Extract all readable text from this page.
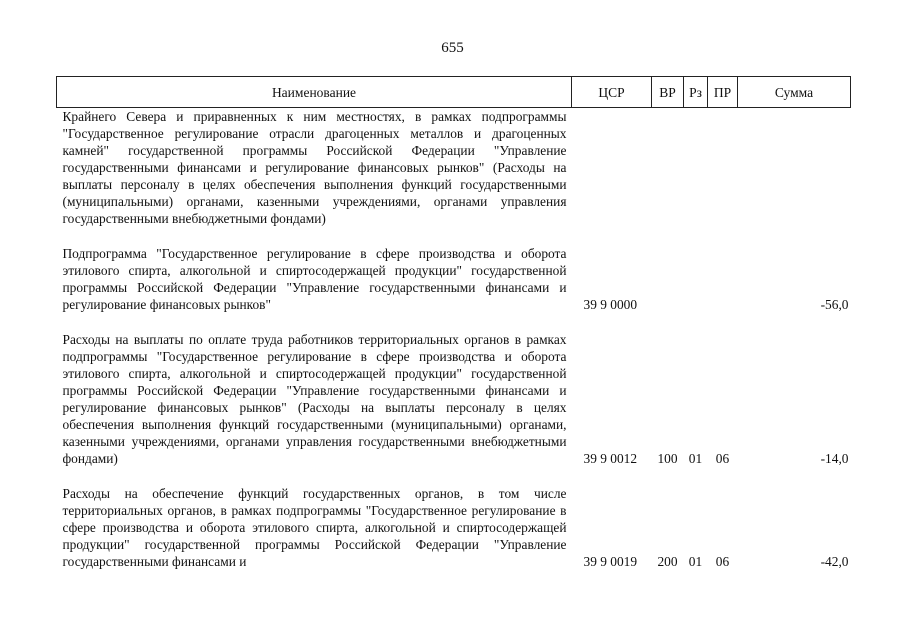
655
Наименование	ЦСР	ВР	Рз	ПР	Сумма
Крайнего Севера и приравненных к ним местностях, в рамках подпрограммы "Государственное регулирование отрасли драгоценных металлов и драгоценных камней" государственной программы Российской Федерации "Управление государственными финансами и регулирование финансовых рынков" (Расходы на выплаты персоналу в целях обеспечения выполнения функций государственными (муниципальными) органами, казенными учреждениями, органами управления государственными внебюджетными фондами)					

Подпрограмма "Государственное регулирование в сфере производства и оборота этилового спирта, алкогольной и спиртосодержащей продукции" государственной программы Российской Федерации "Управление государственными финансами и регулирование финансовых рынков"	39 9 0000				-56,0

Расходы на выплаты по оплате труда работников территориальных органов в рамках подпрограммы "Государственное регулирование в сфере производства и оборота этилового спирта, алкогольной и спиртосодержащей продукции" государственной программы Российской Федерации "Управление государственными финансами и регулирование финансовых рынков" (Расходы на выплаты персоналу в целях обеспечения выполнения функций государственными (муниципальными) органами, казенными учреждениями, органами управления государственными внебюджетными фондами)	39 9 0012	100	01	06	-14,0

Расходы на обеспечение функций государственных органов, в том числе территориальных органов, в рамках подпрограммы "Государственное регулирование в сфере производства и оборота этилового спирта, алкогольной и спиртосодержащей продукции" государственной программы Российской Федерации "Управление государственными финансами и	39 9 0019	200	01	06	-42,0
